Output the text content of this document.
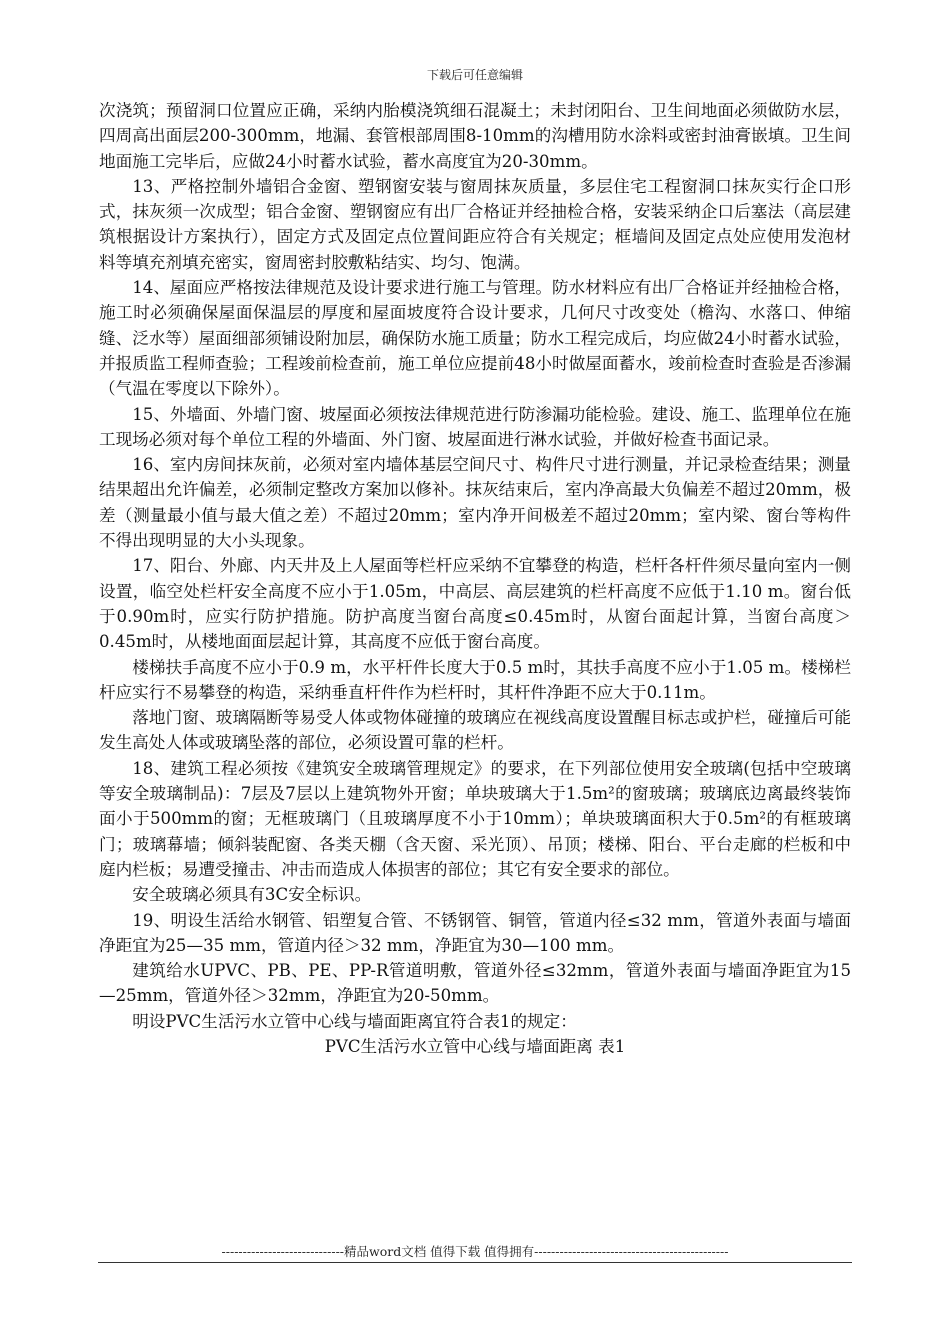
下载后可任意编辑

次浇筑；预留洞口位置应正确，采纳内胎模浇筑细石混凝土；未封闭阳台、卫生间地面必须做防水层，四周高出面层200-300mm，地漏、套管根部周围8-10mm的沟槽用防水涂料或密封油膏嵌填。卫生间地面施工完毕后，应做24小时蓄水试验，蓄水高度宜为20-30mm。

13、严格控制外墙铝合金窗、塑钢窗安装与窗周抹灰质量，多层住宅工程窗洞口抹灰实行企口形式，抹灰须一次成型；铝合金窗、塑钢窗应有出厂合格证并经抽检合格，安装采纳企口后塞法（高层建筑根据设计方案执行），固定方式及固定点位置间距应符合有关规定；框墙间及固定点处应使用发泡材料等填充剂填充密实，窗周密封胶敷粘结实、均匀、饱满。

14、屋面应严格按法律规范及设计要求进行施工与管理。防水材料应有出厂合格证并经抽检合格，施工时必须确保屋面保温层的厚度和屋面坡度符合设计要求，几何尺寸改变处（檐沟、水落口、伸缩缝、泛水等）屋面细部须铺设附加层，确保防水施工质量；防水工程完成后，均应做24小时蓄水试验，并报质监工程师查验；工程竣前检查前，施工单位应提前48小时做屋面蓄水，竣前检查时查验是否渗漏（气温在零度以下除外）。

15、外墙面、外墙门窗、坡屋面必须按法律规范进行防渗漏功能检验。建设、施工、监理单位在施工现场必须对每个单位工程的外墙面、外门窗、坡屋面进行淋水试验，并做好检查书面记录。

16、室内房间抹灰前，必须对室内墙体基层空间尺寸、构件尺寸进行测量，并记录检查结果；测量结果超出允许偏差，必须制定整改方案加以修补。抹灰结束后，室内净高最大负偏差不超过20mm，极差（测量最小值与最大值之差）不超过20mm；室内净开间极差不超过20mm；室内梁、窗台等构件不得出现明显的大小头现象。

17、阳台、外廊、内天井及上人屋面等栏杆应采纳不宜攀登的构造，栏杆各杆件须尽量向室内一侧设置，临空处栏杆安全高度不应小于1.05m，中高层、高层建筑的栏杆高度不应低于1.10 m。窗台低于0.90m时，应实行防护措施。防护高度当窗台高度≤0.45m时，从窗台面起计算，当窗台高度＞0.45m时，从楼地面面层起计算，其高度不应低于窗台高度。

楼梯扶手高度不应小于0.9 m，水平杆件长度大于0.5 m时，其扶手高度不应小于1.05 m。楼梯栏杆应实行不易攀登的构造，采纳垂直杆件作为栏杆时，其杆件净距不应大于0.11m。

落地门窗、玻璃隔断等易受人体或物体碰撞的玻璃应在视线高度设置醒目标志或护栏，碰撞后可能发生高处人体或玻璃坠落的部位，必须设置可靠的栏杆。

18、建筑工程必须按《建筑安全玻璃管理规定》的要求，在下列部位使用安全玻璃(包括中空玻璃等安全玻璃制品)：7层及7层以上建筑物外开窗；单块玻璃大于1.5m²的窗玻璃；玻璃底边离最终装饰面小于500mm的窗；无框玻璃门（且玻璃厚度不小于10mm）；单块玻璃面积大于0.5m²的有框玻璃门；玻璃幕墙；倾斜装配窗、各类天棚（含天窗、采光顶）、吊顶；楼梯、阳台、平台走廊的栏板和中庭内栏板；易遭受撞击、冲击而造成人体损害的部位；其它有安全要求的部位。

安全玻璃必须具有3C安全标识。

19、明设生活给水钢管、铝塑复合管、不锈钢管、铜管，管道内径≤32 mm，管道外表面与墙面净距宜为25—35 mm，管道内径＞32 mm，净距宜为30—100 mm。

建筑给水UPVC、PB、PE、PP-R管道明敷，管道外径≤32mm，管道外表面与墙面净距宜为15—25mm，管道外径＞32mm，净距宜为20-50mm。

明设PVC生活污水立管中心线与墙面距离宜符合表1的规定：

PVC生活污水立管中心线与墙面距离 表1

-----------------------------精品word文档 值得下载 值得拥有----------------------------------------------
